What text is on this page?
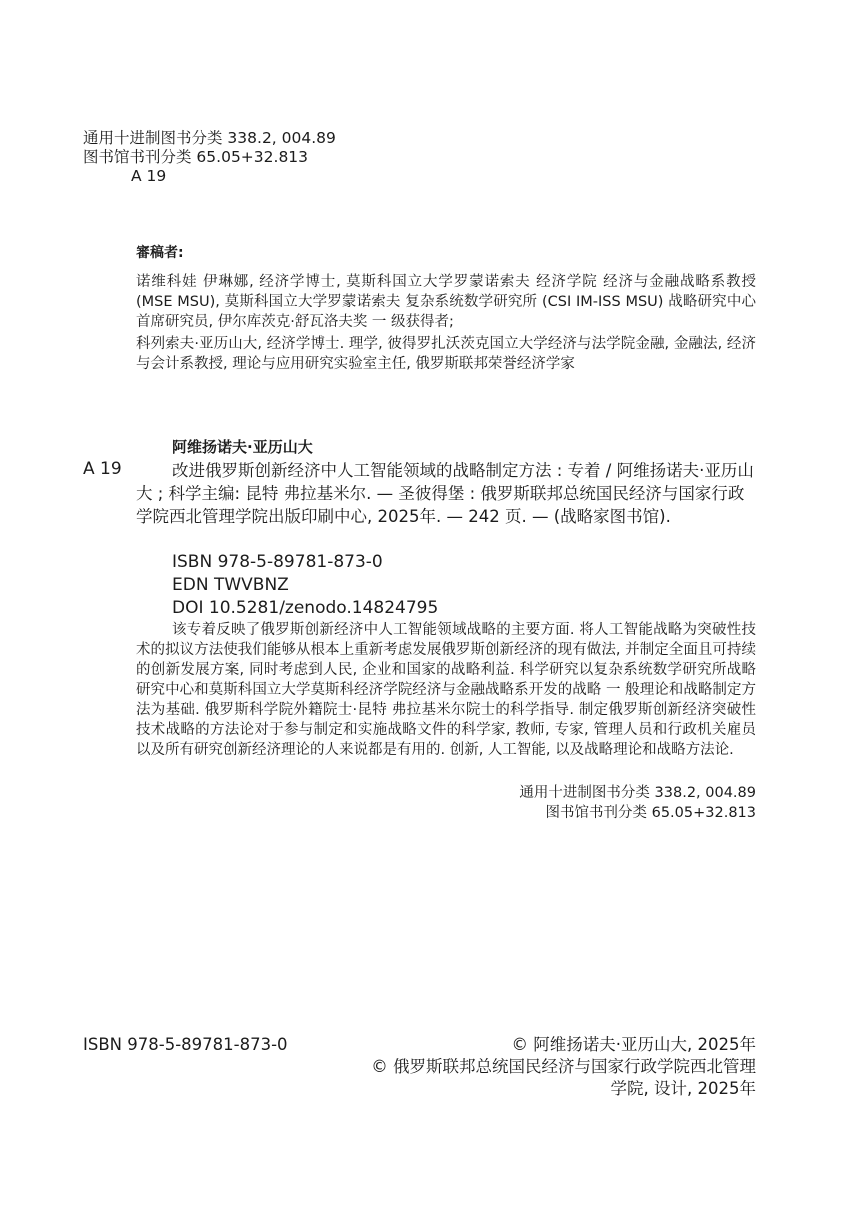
通用十进制图书分类 338.2, 004.89
图书馆书刊分类 65.05+32.813
A 19
審稿者:
诺维科娃 伊琳娜, 经济学博士, 莫斯科国立大学罗蒙诺索夫 经济学院 经济与金融战略系教授 (MSE MSU), 莫斯科国立大学罗蒙诺索夫 复杂系统数学研究所 (CSI IM-ISS MSU) 战略研究中心首席研究员, 伊尔库茨克·舒瓦洛夫奖 一 级获得者;
科列索夫·亚历山大, 经济学博士. 理学, 彼得罗扎沃茨克国立大学经济与法学院金融, 金融法, 经济与会计系教授, 理论与应用研究实验室主任, 俄罗斯联邦荣誉经济学家
阿维扬诺夫·亚历山大
A 19	改进俄罗斯创新经济中人工智能领域的战略制定方法 : 专着 / 阿维扬诺夫·亚历山大 ; 科学主编: 昆特 弗拉基米尔. — 圣彼得堡 : 俄罗斯联邦总统国民经济与国家行政学院西北管理学院出版印刷中心, 2025年. — 242 页. — (战略家图书馆).
ISBN 978-5-89781-873-0
EDN TWVBNZ
DOI 10.5281/zenodo.14824795
该专着反映了俄罗斯创新经济中人工智能领域战略的主要方面. 将人工智能战略为突破性技术的拟议方法使我们能够从根本上重新考虑发展俄罗斯创新经济的现有做法, 并制定全面且可持续的创新发展方案, 同时考虑到人民, 企业和国家的战略利益. 科学研究以复杂系统数学研究所战略研究中心和莫斯科国立大学莫斯科经济学院经济与金融战略系开发的战略 一 般理论和战略制定方法为基础. 俄罗斯科学院外籍院士·昆特 弗拉基米尔院士的科学指导. 制定俄罗斯创新经济突破性技术战略的方法论对于参与制定和实施战略文件的科学家, 教师, 专家, 管理人员和行政机关雇员以及所有研究创新经济理论的人来说都是有用的. 创新, 人工智能, 以及战略理论和战略方法论.
通用十进制图书分类 338.2, 004.89
图书馆书刊分类 65.05+32.813
ISBN 978-5-89781-873-0	© 阿维扬诺夫·亚历山大, 2025年
© 俄罗斯联邦总统国民经济与国家行政学院西北管理学院, 设计, 2025年
